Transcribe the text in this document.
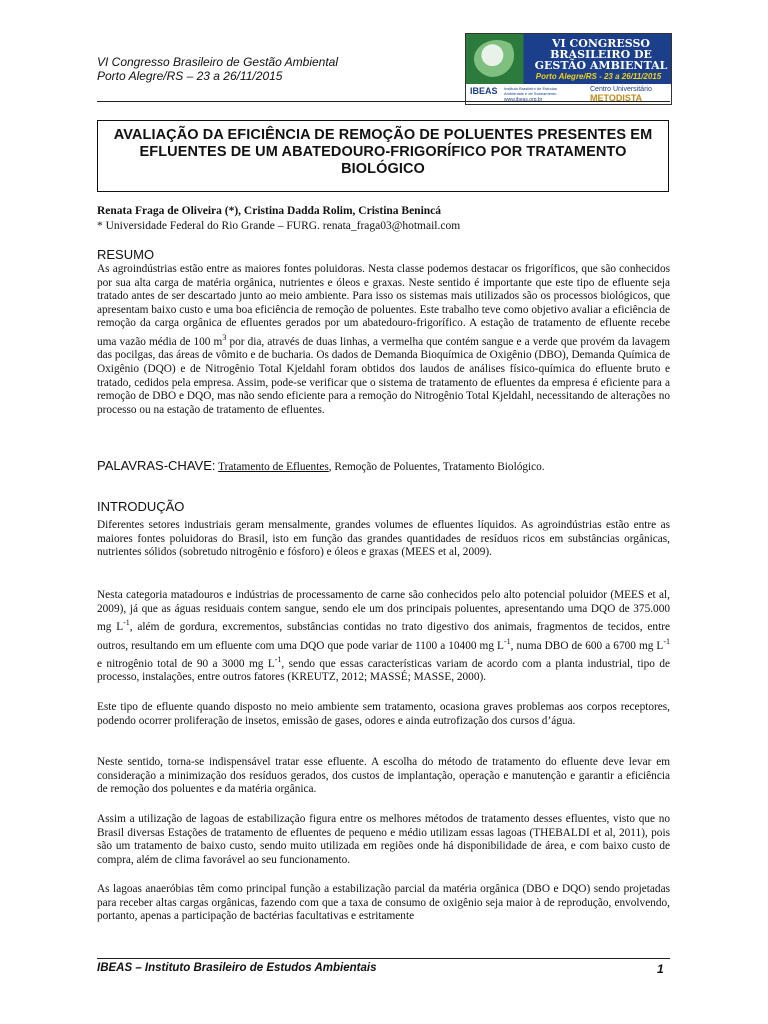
VI Congresso Brasileiro de Gestão Ambiental
Porto Alegre/RS – 23 a 26/11/2015
VI CONGRESSO BRASILEIRO DE GESTÃO AMBIENTAL
Porto Alegre/RS - 23 a 26/11/2015
IBEAS Instituto Brasileiro de Estudos Ambientais e de Saneamento
www.ibeas.org.br
Centro Universitário
METODISTA
AVALIAÇÃO DA EFICIÊNCIA DE REMOÇÃO DE POLUENTES PRESENTES EM EFLUENTES DE UM ABATEDOURO-FRIGORÍFICO POR TRATAMENTO BIOLÓGICO
Renata Fraga de Oliveira (*), Cristina Dadda Rolim, Cristina Benincá
* Universidade Federal do Rio Grande – FURG. renata_fraga03@hotmail.com
RESUMO

As agroindústrias estão entre as maiores fontes poluidoras. Nesta classe podemos destacar os frigoríficos, que são conhecidos por sua alta carga de matéria orgânica, nutrientes e óleos e graxas. Neste sentido é importante que este tipo de efluente seja tratado antes de ser descartado junto ao meio ambiente. Para isso os sistemas mais utilizados são os processos biológicos, que apresentam baixo custo e uma boa eficiência de remoção de poluentes. Este trabalho teve como objetivo avaliar a eficiência de remoção da carga orgânica de efluentes gerados por um abatedouro-frigorífico. A estação de tratamento de efluente recebe uma vazão média de 100 $m^3$ por dia, através de duas linhas, a vermelha que contém sangue e a verde que provém da lavagem das pocilgas, das áreas de vômito e de bucharia. Os dados de Demanda Bioquímica de Oxigênio (DBO), Demanda Química de Oxigênio (DQO) e de Nitrogênio Total Kjeldahl foram obtidos dos laudos de análises físico-química do efluente bruto e tratado, cedidos pela empresa. Assim, pode-se verificar que o sistema de tratamento de efluentes da empresa é eficiente para a remoção de DBO e DQO, mas não sendo eficiente para a remoção do Nitrogênio Total Kjeldahl, necessitando de alterações no processo ou na estação de tratamento de efluentes.

PALAVRAS-CHAVE: Tratamento de Efluentes, Remoção de Poluentes, Tratamento Biológico.
INTRODUÇÃO

Diferentes setores industriais geram mensalmente, grandes volumes de efluentes líquidos. As agroindústrias estão entre as maiores fontes poluidoras do Brasil, isto em função das grandes quantidades de resíduos ricos em substâncias orgânicas, nutrientes sólidos (sobretudo nitrogênio e fósforo) e óleos e graxas (MEES et al, 2009).

Nesta categoria matadouros e indústrias de processamento de carne são conhecidos pelo alto potencial poluidor (MEES et al, 2009), já que as águas residuais contem sangue, sendo ele um dos principais poluentes, apresentando uma DQO de 375.000 mg $L^{-1}$, além de gordura, excrementos, substâncias contidas no trato digestivo dos animais, fragmentos de tecidos, entre outros, resultando em um efluente com uma DQO que pode variar de 1100 a 10400 mg $L^{-1}$, numa DBO de 600 a 6700 mg $L^{-1}$ e nitrogênio total de 90 a 3000 mg $L^{-1}$, sendo que essas características variam de acordo com a planta industrial, tipo de processo, instalações, entre outros fatores (KREUTZ, 2012; MASSÉ; MASSE, 2000).

Este tipo de efluente quando disposto no meio ambiente sem tratamento, ocasiona graves problemas aos corpos receptores, podendo ocorrer proliferação de insetos, emissão de gases, odores e ainda eutrofização dos cursos d’água.

Neste sentido, torna-se indispensável tratar esse efluente. A escolha do método de tratamento do efluente deve levar em consideração a minimização dos resíduos gerados, dos custos de implantação, operação e manutenção e garantir a eficiência de remoção dos poluentes e da matéria orgânica.

Assim a utilização de lagoas de estabilização figura entre os melhores métodos de tratamento desses efluentes, visto que no Brasil diversas Estações de tratamento de efluentes de pequeno e médio utilizam essas lagoas (THEBALDI et al, 2011), pois são um tratamento de baixo custo, sendo muito utilizada em regiões onde há disponibilidade de área, e com baixo custo de compra, além de clima favorável ao seu funcionamento.

As lagoas anaeróbias têm como principal função a estabilização parcial da matéria orgânica (DBO e DQO) sendo projetadas para receber altas cargas orgânicas, fazendo com que a taxa de consumo de oxigênio seja maior à de reprodução, envolvendo, portanto, apenas a participação de bactérias facultativas e estritamente

IBEAS – Instituto Brasileiro de Estudos Ambientais	1
